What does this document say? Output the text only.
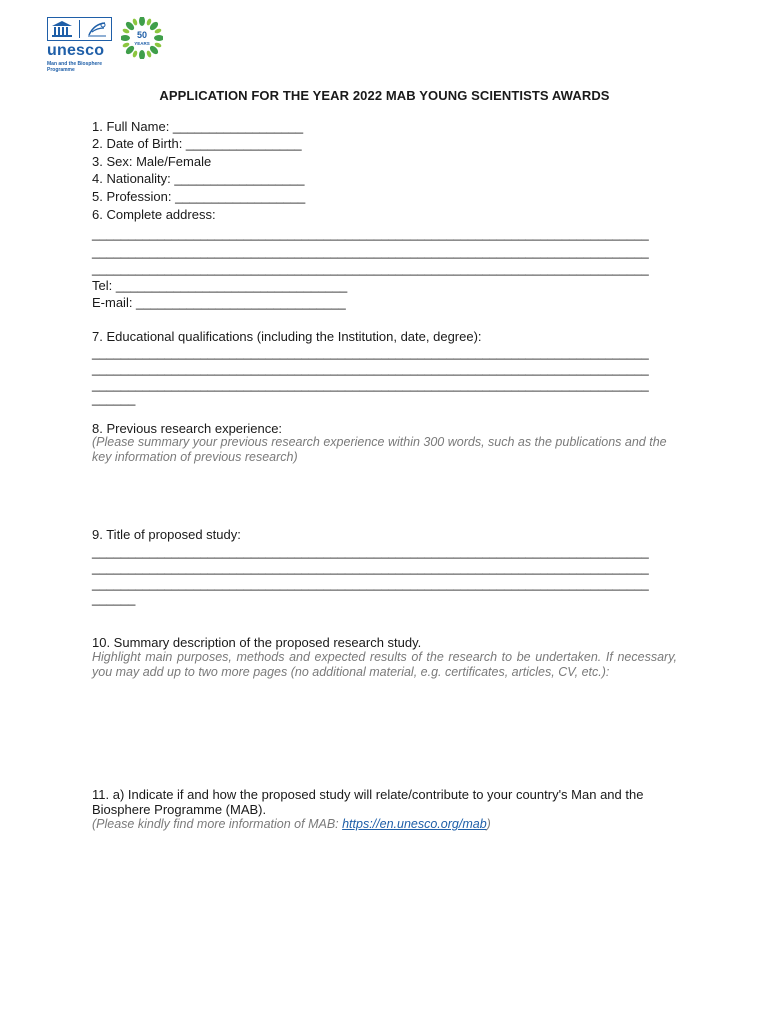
unesco
Man and the Biosphere Programme
50
YEARS
APPLICATION FOR THE YEAR 2022 MAB YOUNG SCIENTISTS AWARDS
1. Full Name: __________________
2. Date of Birth: ________________
3. Sex: Male/Female
4. Nationality: __________________
5. Profession: __________________
6. Complete address:
_____________________________________________________________________________
_____________________________________________________________________________
_____________________________________________________________________________
Tel: ________________________________
E-mail: _____________________________
7. Educational qualifications (including the Institution, date, degree):
_____________________________________________________________________________
_____________________________________________________________________________
_____________________________________________________________________________
______
8. Previous research experience:
(Please summary your previous research experience within 300 words, such as the publications and the key information of previous research)
9. Title of proposed study:
_____________________________________________________________________________
_____________________________________________________________________________
_____________________________________________________________________________
______
10. Summary description of the proposed research study.
Highlight main purposes, methods and expected results of the research to be undertaken. If necessary, you may add up to two more pages (no additional material, e.g. certificates, articles, CV, etc.):
11. a) Indicate if and how the proposed study will relate/contribute to your country's Man and the Biosphere Programme (MAB).
(Please kindly find more information of MAB: https://en.unesco.org/mab)
